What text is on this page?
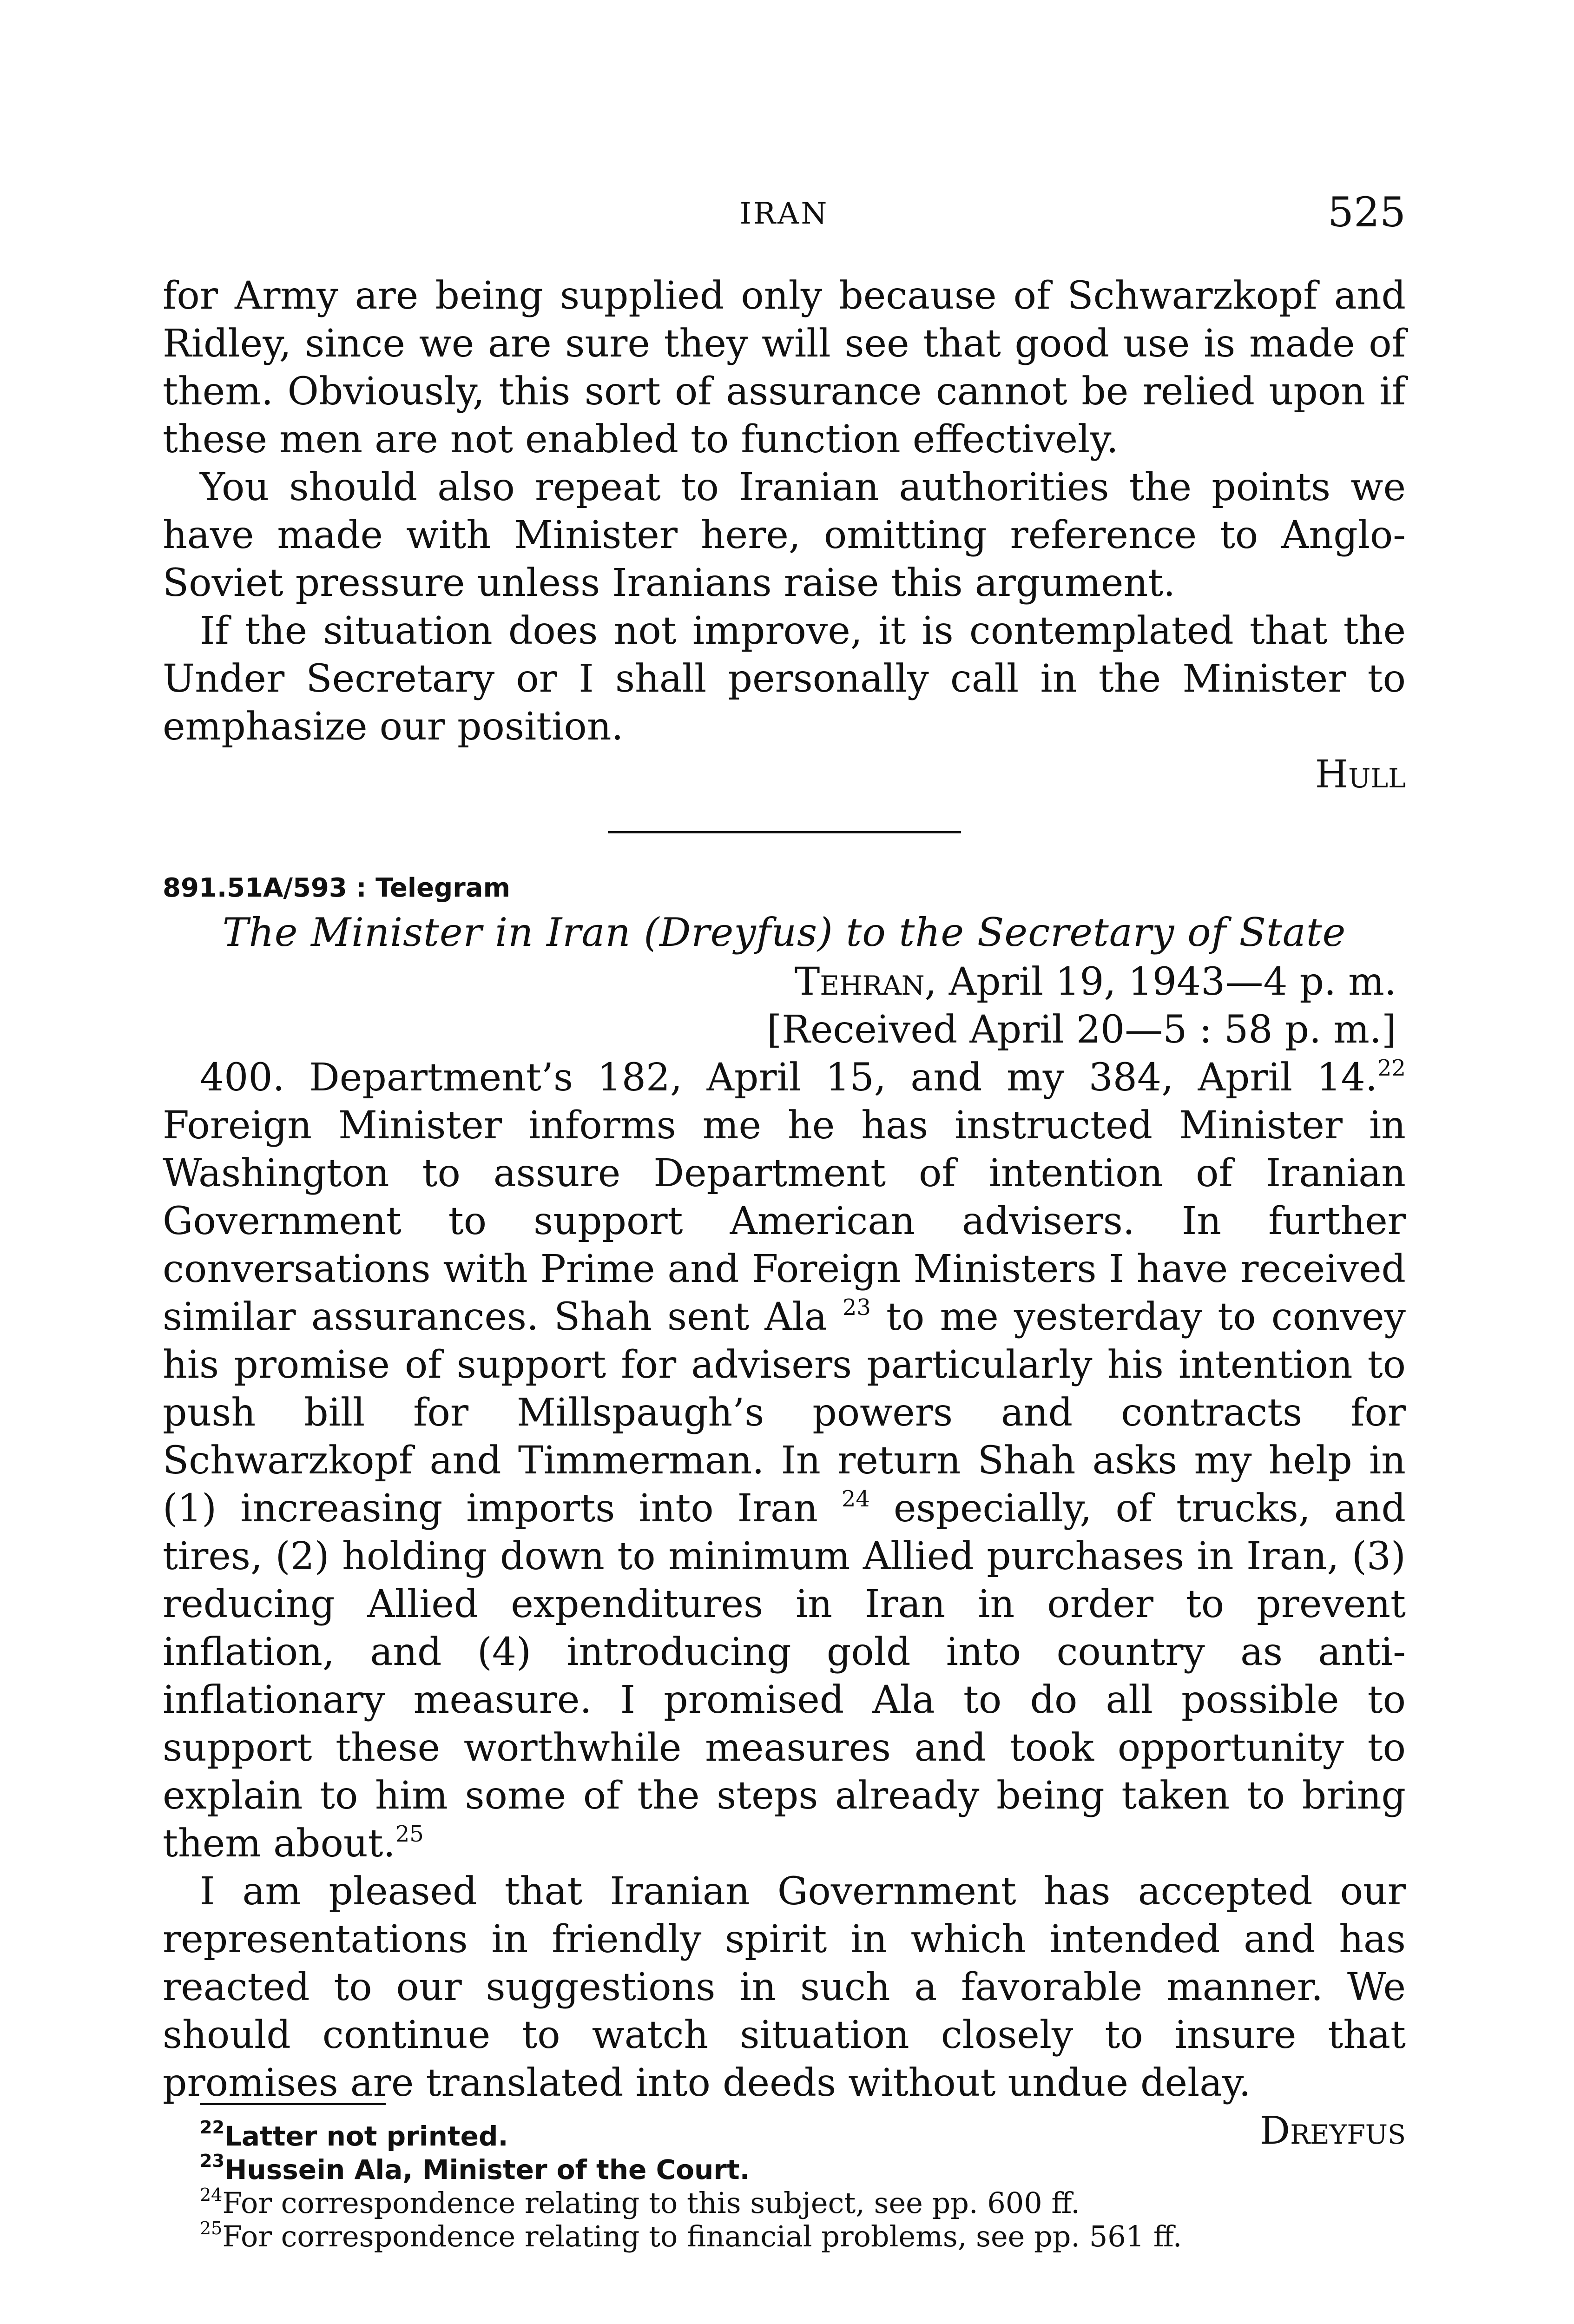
IRAN	525

for Army are being supplied only because of Schwarzkopf and Ridley, since we are sure they will see that good use is made of them. Obviously, this sort of assurance cannot be relied upon if these men are not enabled to function effectively.

You should also repeat to Iranian authorities the points we have made with Minister here, omitting reference to Anglo-Soviet pressure unless Iranians raise this argument.

If the situation does not improve, it is contemplated that the Under Secretary or I shall personally call in the Minister to emphasize our position.

Hull

891.51A/593 : Telegram

The Minister in Iran (Dreyfus) to the Secretary of State

Tehran, April 19, 1943—4 p. m.

[Received April 20—5 : 58 p. m.]

400. Department’s 182, April 15, and my 384, April 14.22 Foreign Minister informs me he has instructed Minister in Washington to assure Department of intention of Iranian Government to support American advisers. In further conversations with Prime and Foreign Ministers I have received similar assurances. Shah sent Ala $^{23}$ to me yesterday to convey his promise of support for advisers particularly his intention to push bill for Millspaugh’s powers and contracts for Schwarzkopf and Timmerman. In return Shah asks my help in (1) increasing imports into Iran $^{24}$ especially, of trucks, and tires, (2) holding down to minimum Allied purchases in Iran, (3) reducing Allied expenditures in Iran in order to prevent inflation, and (4) introducing gold into country as anti-inflationary measure. I promised Ala to do all possible to support these worthwhile measures and took opportunity to explain to him some of the steps already being taken to bring them about.$^{25}$

I am pleased that Iranian Government has accepted our representations in friendly spirit in which intended and has reacted to our suggestions in such a favorable manner. We should continue to watch situation closely to insure that promises are translated into deeds without undue delay.

Dreyfus

$^{22}$Latter not printed.

$^{23}$Hussein Ala, Minister of the Court.

$^{24}$For correspondence relating to this subject, see pp. 600 ff.

$^{25}$For correspondence relating to financial problems, see pp. 561 ff.
